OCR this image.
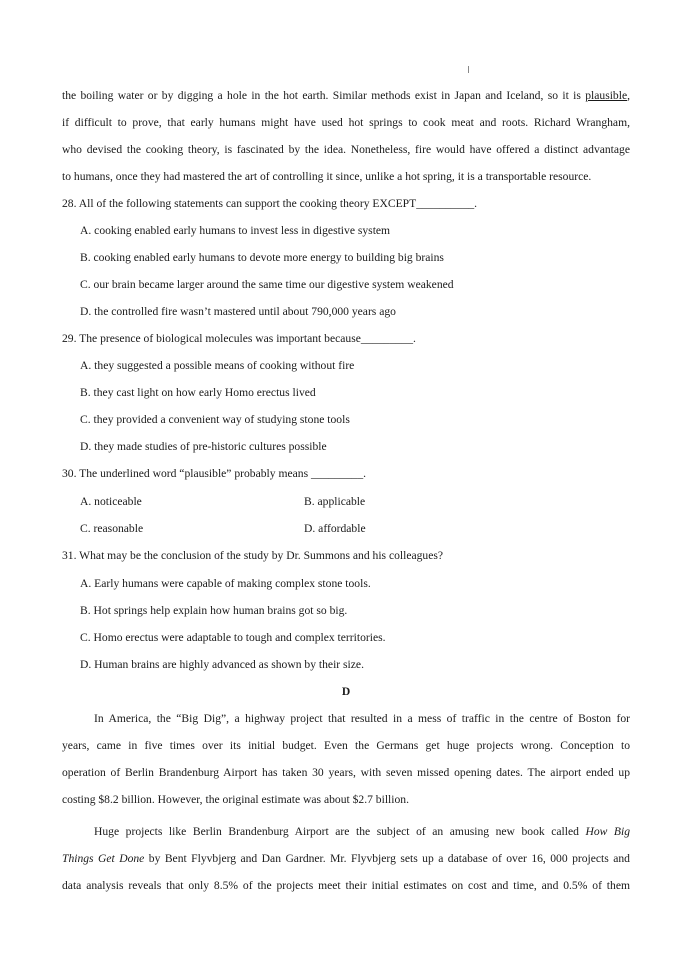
the boiling water or by digging a hole in the hot earth. Similar methods exist in Japan and Iceland, so it is plausible,
if difficult to prove, that early humans might have used hot springs to cook meat and roots. Richard Wrangham,
who devised the cooking theory, is fascinated by the idea. Nonetheless, fire would have offered a distinct advantage
to humans, once they had mastered the art of controlling it since, unlike a hot spring, it is a transportable resource.
28. All of the following statements can support the cooking theory EXCEPT__________.
A. cooking enabled early humans to invest less in digestive system
B. cooking enabled early humans to devote more energy to building big brains
C. our brain became larger around the same time our digestive system weakened
D. the controlled fire wasn’t mastered until about 790,000 years ago
29. The presence of biological molecules was important because_________.
A. they suggested a possible means of cooking without fire
B. they cast light on how early Homo erectus lived
C. they provided a convenient way of studying stone tools
D. they made studies of pre-historic cultures possible
30. The underlined word “plausible” probably means _________.
A. noticeable	B. applicable
C. reasonable	D. affordable
31. What may be the conclusion of the study by Dr. Summons and his colleagues?
A. Early humans were capable of making complex stone tools.
B. Hot springs help explain how human brains got so big.
C. Homo erectus were adaptable to tough and complex territories.
D. Human brains are highly advanced as shown by their size.
D
In America, the “Big Dig”, a highway project that resulted in a mess of traffic in the centre of Boston for
years, came in five times over its initial budget. Even the Germans get huge projects wrong. Conception to
operation of Berlin Brandenburg Airport has taken 30 years, with seven missed opening dates. The airport ended up
costing $8.2 billion. However, the original estimate was about $2.7 billion.
Huge projects like Berlin Brandenburg Airport are the subject of an amusing new book called How Big
Things Get Done by Bent Flyvbjerg and Dan Gardner. Mr. Flyvbjerg sets up a database of over 16, 000 projects and
data analysis reveals that only 8.5% of the projects meet their initial estimates on cost and time, and 0.5% of them
